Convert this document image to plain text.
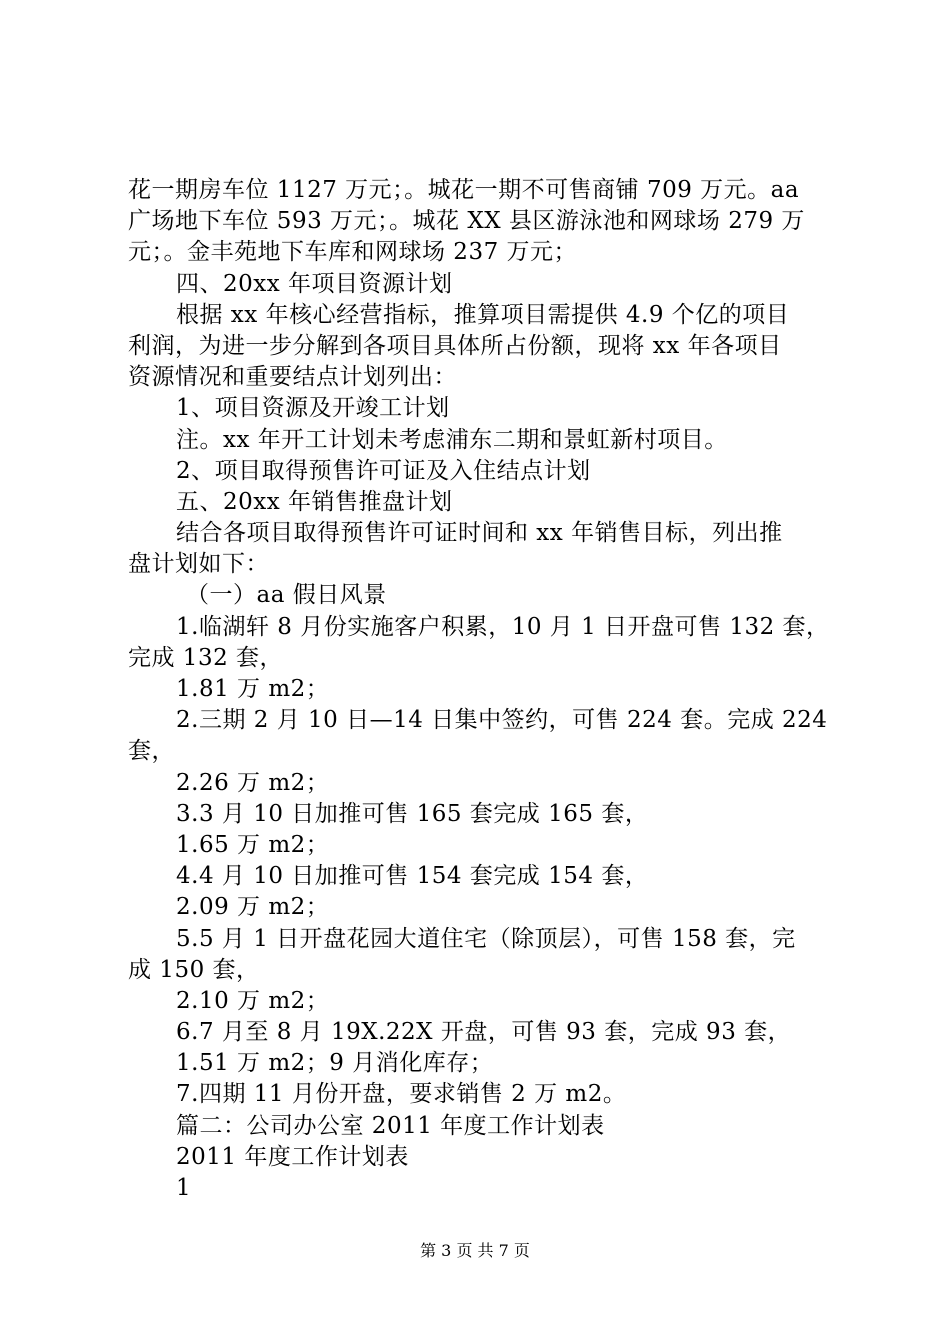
花一期房车位 1127 万元；。城花一期不可售商铺 709 万元。aa
广场地下车位 593 万元；。城花 XX 县区游泳池和网球场 279 万
元；。金丰苑地下车库和网球场 237 万元；
四、20xx 年项目资源计划
根据 xx 年核心经营指标，推算项目需提供 4.9 个亿的项目
利润，为进一步分解到各项目具体所占份额，现将 xx 年各项目
资源情况和重要结点计划列出：
1、项目资源及开竣工计划
注。xx 年开工计划未考虑浦东二期和景虹新村项目。
2、项目取得预售许可证及入住结点计划
五、20xx 年销售推盘计划
结合各项目取得预售许可证时间和 xx 年销售目标，列出推
盘计划如下：
（一）aa 假日风景
1.临湖轩 8 月份实施客户积累，10 月 1 日开盘可售 132 套，
完成 132 套，
1.81 万 m2；
2.三期 2 月 10 日—14 日集中签约，可售 224 套。完成 224
套，
2.26 万 m2；
3.3 月 10 日加推可售 165 套完成 165 套，
1.65 万 m2；
4.4 月 10 日加推可售 154 套完成 154 套，
2.09 万 m2；
5.5 月 1 日开盘花园大道住宅（除顶层），可售 158 套，完
成 150 套，
2.10 万 m2；
6.7 月至 8 月 19X.22X 开盘，可售 93 套，完成 93 套，
1.51 万 m2；9 月消化库存；
7.四期 11 月份开盘，要求销售 2 万 m2。
篇二：公司办公室 2011 年度工作计划表
2011 年度工作计划表
1
第 3 页 共 7 页
